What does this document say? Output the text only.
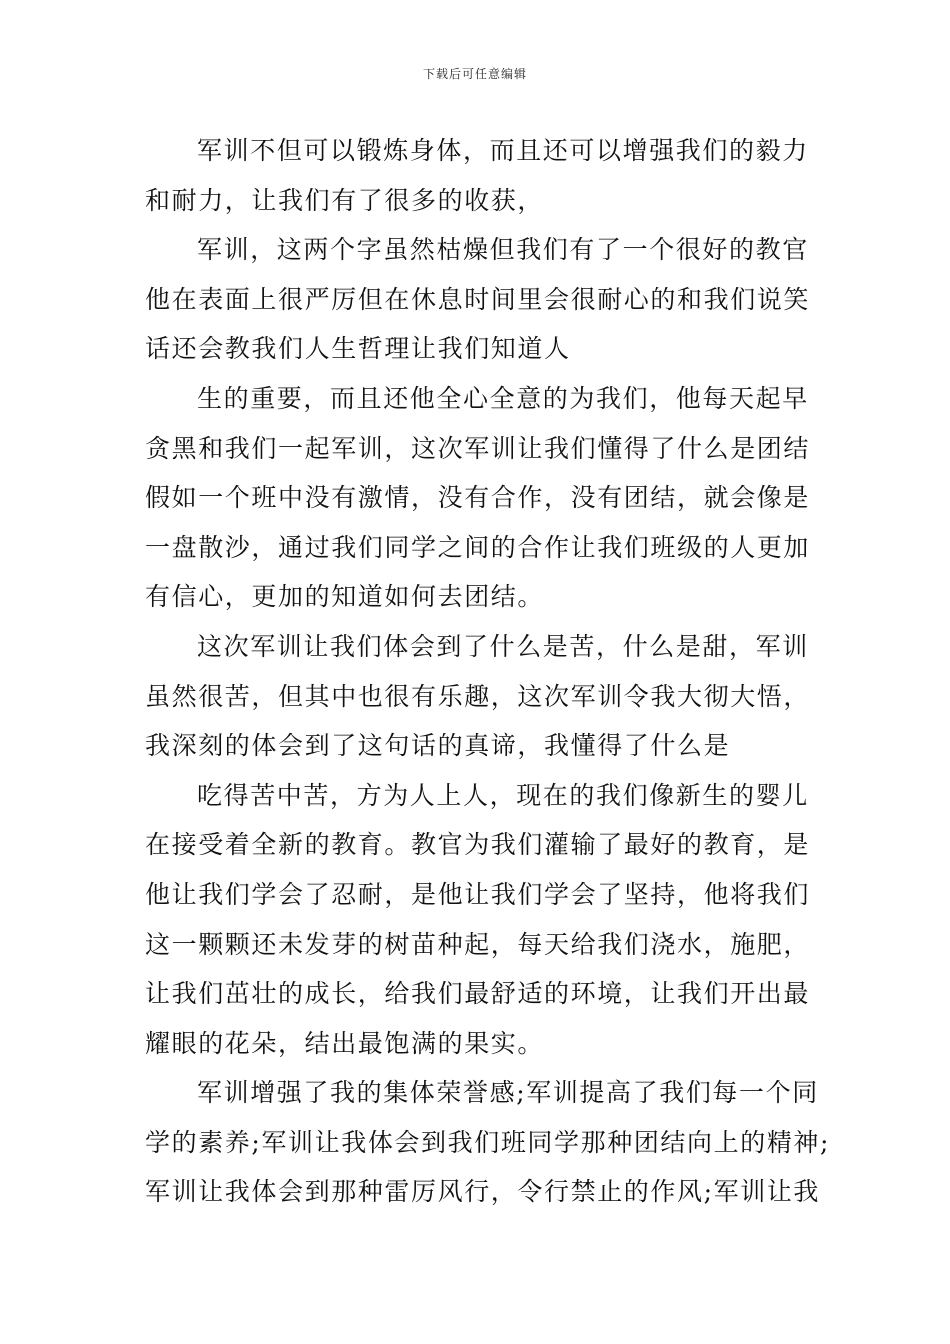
下载后可任意编辑
军训不但可以锻炼身体，而且还可以增强我们的毅力
和耐力，让我们有了很多的收获，
军训，这两个字虽然枯燥但我们有了一个很好的教官
他在表面上很严厉但在休息时间里会很耐心的和我们说笑
话还会教我们人生哲理让我们知道人
生的重要，而且还他全心全意的为我们，他每天起早
贪黑和我们一起军训，这次军训让我们懂得了什么是团结
假如一个班中没有激情，没有合作，没有团结，就会像是
一盘散沙，通过我们同学之间的合作让我们班级的人更加
有信心，更加的知道如何去团结。
这次军训让我们体会到了什么是苦，什么是甜，军训
虽然很苦，但其中也很有乐趣，这次军训令我大彻大悟，
我深刻的体会到了这句话的真谛，我懂得了什么是
吃得苦中苦，方为人上人，现在的我们像新生的婴儿
在接受着全新的教育。教官为我们灌输了最好的教育，是
他让我们学会了忍耐，是他让我们学会了坚持，他将我们
这一颗颗还未发芽的树苗种起，每天给我们浇水，施肥，
让我们茁壮的成长，给我们最舒适的环境，让我们开出最
耀眼的花朵，结出最饱满的果实。
军训增强了我的集体荣誉感;军训提高了我们每一个同
学的素养;军训让我体会到我们班同学那种团结向上的精神;
军训让我体会到那种雷厉风行，令行禁止的作风;军训让我
